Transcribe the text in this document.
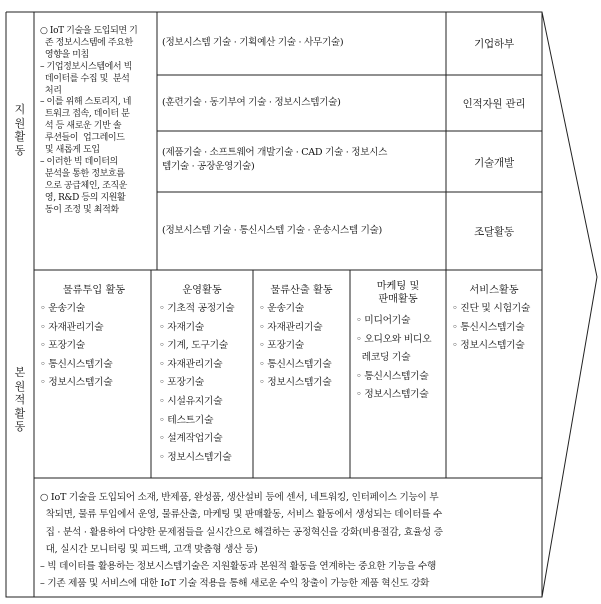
지
원
활
동
본
원
적
활
동
○ IoT 기술을 도입되면 기
존 정보시스템에 주요한
영향을 미침
– 기업정보시스템에서 빅
데이터를 수집 및  분석
처리
– 이를 위해 스토리지, 네
트워크 접속, 데이터 분
석 등 새로운 기반 솔
루션들이  업그레이드
및 새롭게 도입
– 이러한 빅 데이터의
분석을 통한 정보흐름
으로 공급체인, 조직운
영, R&D 등의 지원활
동이 조정 및 최적화
(정보시스템 기술 · 기획예산 기술 · 사무기술)	기업하부
(훈련기술 · 동기부여 기술 · 정보시스템기술)	인적자원 관리
(제품기술 · 소프트웨어 개발기술 · CAD 기술 · 정보시스
템기술 · 공장운영기술)	기술개발
(정보시스템 기술 · 통신시스템 기술 · 운송시스템 기술)	조달활동
물류투입 활동
◦ 운송기술
◦ 자재관리기술
◦ 포장기술
◦ 통신시스템기술
◦ 정보시스템기술
운영활동
◦ 기초적 공정기술
◦ 자재기술
◦ 기계, 도구기술
◦ 자재관리기술
◦ 포장기술
◦ 시설유지기술
◦ 테스트기술
◦ 설계작업기술
◦ 정보시스템기술
물류산출 활동
◦ 운송기술
◦ 자재관리기술
◦ 포장기술
◦ 통신시스템기술
◦ 정보시스템기술
마케팅 및
판매활동
◦ 미디어기술
◦ 오디오와 비디오
레코딩 기술
◦ 통신시스템기술
◦ 정보시스템기술
서비스활동
◦ 진단 및 시험기술
◦ 통신시스템기술
◦ 정보시스템기술
○ IoT 기술을 도입되어 소재, 반제품, 완성품, 생산설비 등에 센서, 네트워킹, 인터페이스 기능이 부
착되면, 물류 투입에서 운영, 물류산출, 마케팅 및 판매활동, 서비스 활동에서 생성되는 데이터를 수
집 · 분석 · 활용하여 다양한 문제점들을 실시간으로 해결하는 공정혁신을 강화(비용절감, 효율성 증
대, 실시간 모니터링 및 피드백, 고객 맞춤형 생산 등)
– 빅 데이터를 활용하는 정보시스템기술은 지원활동과 본원적 활동을 연계하는 중요한 기능을 수행
– 기존 제품 및 서비스에 대한 IoT 기술 적용을 통해 새로운 수익 창출이 가능한 제품 혁신도 강화
